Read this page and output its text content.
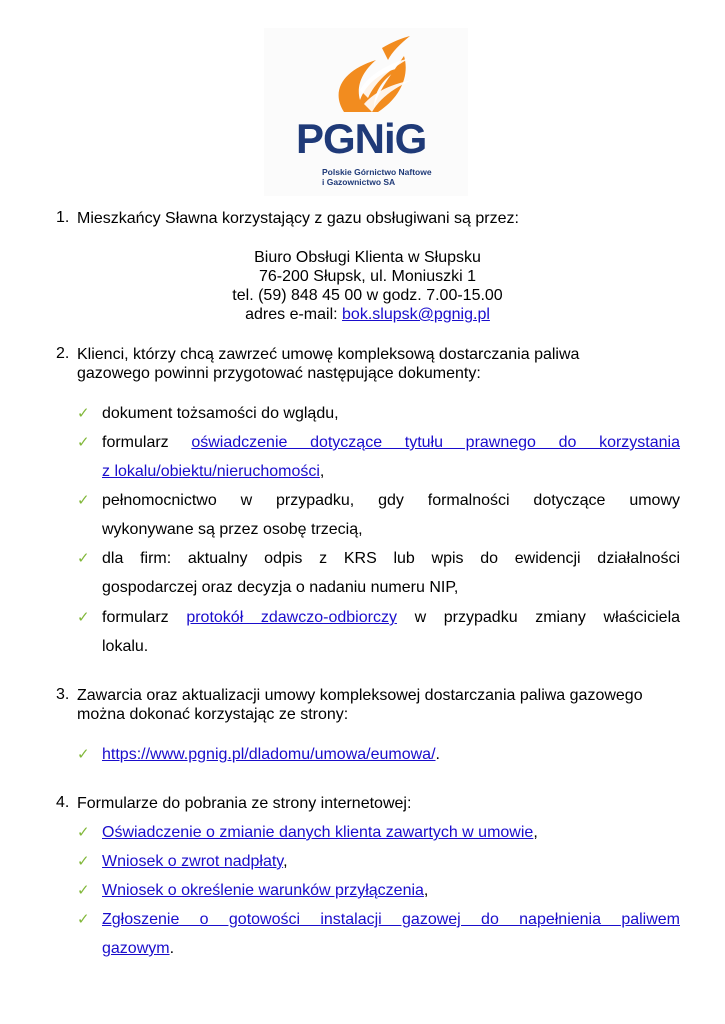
PGNiG
Polskie Górnictwo Naftowe
i Gazownictwo SA
1. Mieszkańcy Sławna korzystający z gazu obsługiwani są przez:
Biuro Obsługi Klienta w Słupsku
76-200 Słupsk, ul. Moniuszki 1
tel. (59) 848 45 00 w godz. 7.00-15.00
adres e-mail: bok.slupsk@pgnig.pl
2. Klienci, którzy chcą zawrzeć umowę kompleksową dostarczania paliwa
gazowego powinni przygotować następujące dokumenty:
✓ dokument tożsamości do wglądu,
✓ formularz oświadczenie dotyczące tytułu prawnego do korzystania
z lokalu/obiektu/nieruchomości,
✓ pełnomocnictwo w przypadku, gdy formalności dotyczące umowy
wykonywane są przez osobę trzecią,
✓ dla firm: aktualny odpis z KRS lub wpis do ewidencji działalności
gospodarczej oraz decyzja o nadaniu numeru NIP,
✓ formularz protokół zdawczo-odbiorczy w przypadku zmiany właściciela
lokalu.
3. Zawarcia oraz aktualizacji umowy kompleksowej dostarczania paliwa gazowego
można dokonać korzystając ze strony:
✓ https://www.pgnig.pl/dladomu/umowa/eumowa/.
4. Formularze do pobrania ze strony internetowej:
✓ Oświadczenie o zmianie danych klienta zawartych w umowie,
✓ Wniosek o zwrot nadpłaty,
✓ Wniosek o określenie warunków przyłączenia,
✓ Zgłoszenie o gotowości instalacji gazowej do napełnienia paliwem
gazowym.
